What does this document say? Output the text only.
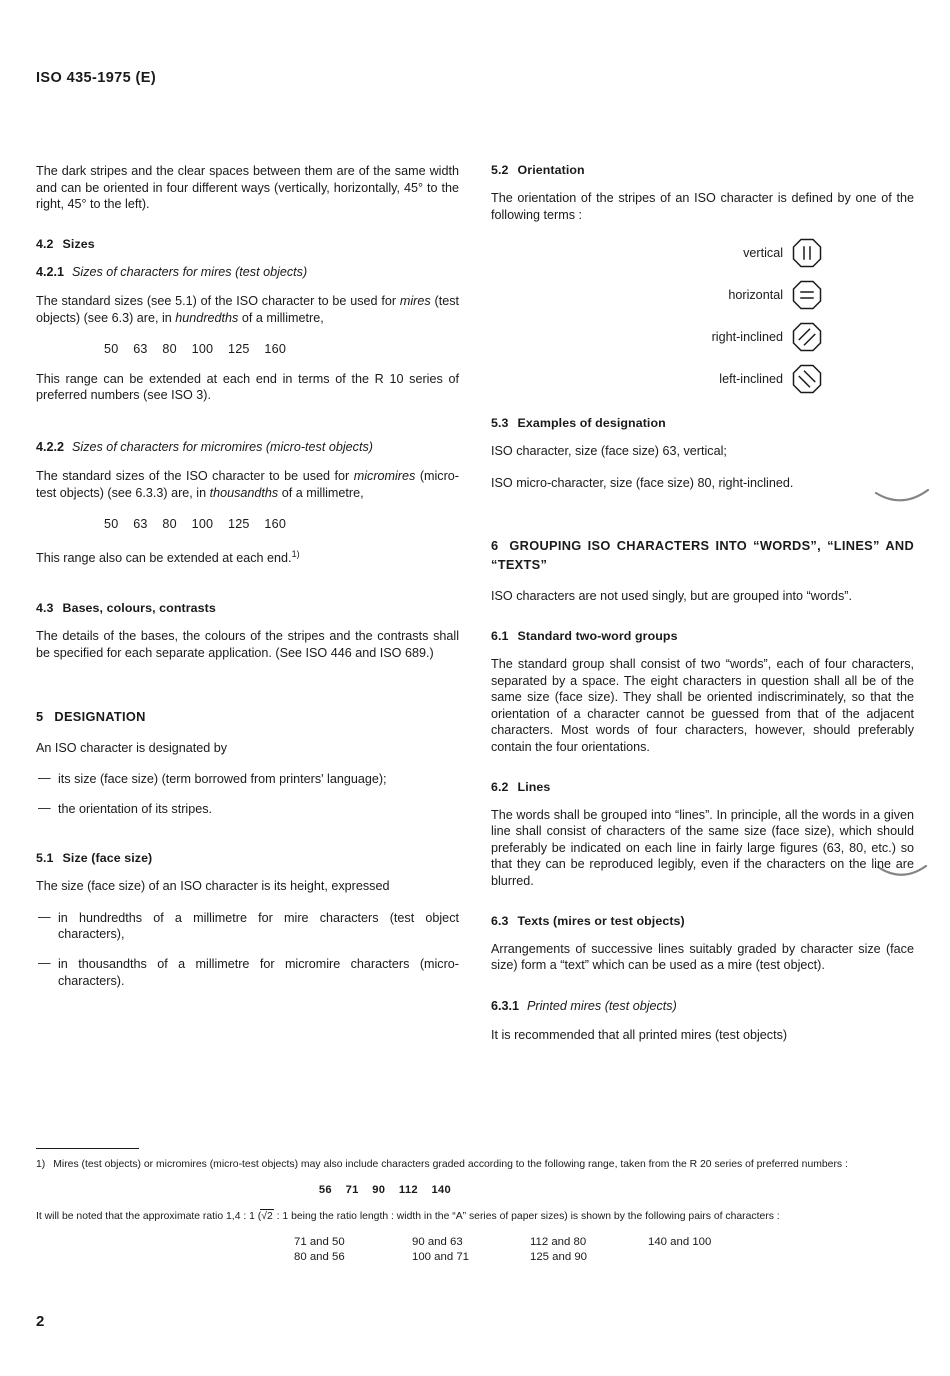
ISO 435-1975 (E)

The dark stripes and the clear spaces between them are of the same width and can be oriented in four different ways (vertically, horizontally, 45° to the right, 45° to the left).

4.2 Sizes
4.2.1 Sizes of characters for mires (test objects)

The standard sizes (see 5.1) of the ISO character to be used for mires (test objects) (see 6.3) are, in hundredths of a millimetre,

50    63    80    100    125    160

This range can be extended at each end in terms of the R 10 series of preferred numbers (see ISO 3).

4.2.2 Sizes of characters for micromires (micro-test objects)

The standard sizes of the ISO character to be used for micromires (micro-test objects) (see 6.3.3) are, in thousandths of a millimetre,

50    63    80    100    125    160

This range also can be extended at each end.$^{1)}$

4.3 Bases, colours, contrasts

The details of the bases, the colours of the stripes and the contrasts shall be specified for each separate application. (See ISO 446 and ISO 689.)

5 DESIGNATION

An ISO character is designated by

— its size (face size) (term borrowed from printers' language);
— the orientation of its stripes.
5.1 Size (face size)

The size (face size) of an ISO character is its height, expressed

— in hundredths of a millimetre for mire characters (test object characters),
— in thousandths of a millimetre for micromire characters (micro-characters).
5.2 Orientation

The orientation of the stripes of an ISO character is defined by one of the following terms :

vertical
horizontal
right-inclined
left-inclined
5.3 Examples of designation

ISO character, size (face size) 63, vertical;

ISO micro-character, size (face size) 80, right-inclined.

6 GROUPING ISO CHARACTERS INTO “WORDS”, “LINES” AND “TEXTS”

ISO characters are not used singly, but are grouped into “words”.

6.1 Standard two-word groups

The standard group shall consist of two “words”, each of four characters, separated by a space. The eight characters in question shall all be of the same size (face size). They shall be oriented indiscriminately, so that the orientation of a character cannot be guessed from that of the adjacent characters. Most words of four characters, however, should preferably contain the four orientations.

6.2 Lines

The words shall be grouped into “lines”. In principle, all the words in a given line shall consist of characters of the same size (face size), which should preferably be indicated on each line in fairly large figures (63, 80, etc.) so that they can be reproduced legibly, even if the characters on the line are blurred.

6.3 Texts (mires or test objects)

Arrangements of successive lines suitably graded by character size (face size) form a “text” which can be used as a mire (test object).

6.3.1 Printed mires (test objects)

It is recommended that all printed mires (test objects)

1) Mires (test objects) or micromires (micro-test objects) may also include characters graded according to the following range, taken from the R 20 series of preferred numbers :

56    71    90    112    140

It will be noted that the approximate ratio 1,4 : 1 (√2 : 1 being the ratio length : width in the “A” series of paper sizes) is shown by the following pairs of characters :

71 and 50	90 and 63	112 and 80	140 and 100
80 and 56	100 and 71	125 and 90
2
